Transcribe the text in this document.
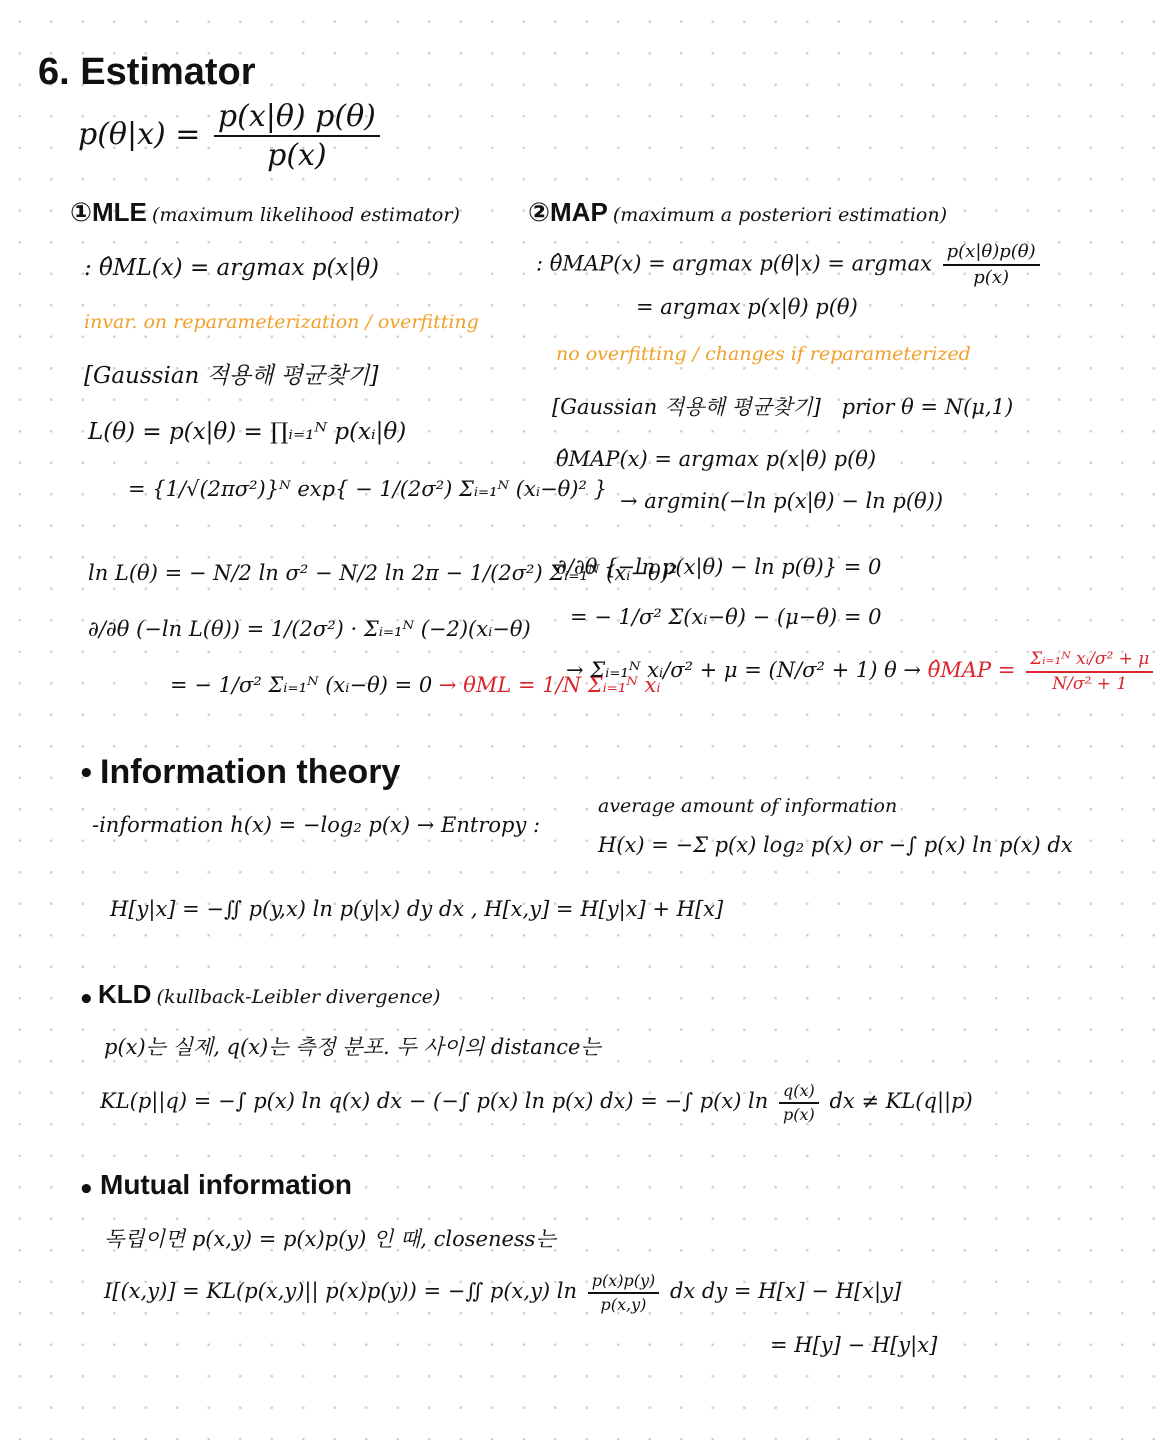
6. Estimator
$p(\theta|x) = \frac{p(x|\theta) p(\theta)}{p(x)}$
①MLE (maximum likelihood estimator)
: θ̂ML(x) = argmax p(x|θ)
invar. on reparameterization / overfitting
[Gaussian 적용해 평균찾기]
L(θ) = p(x|θ) = ∏ᵢ₌₁ᴺ p(xᵢ|θ)
= {1/√(2πσ²)}ᴺ exp{ − 1/(2σ²) Σᵢ₌₁ᴺ (xᵢ−θ)² }
ln L(θ) = − N/2 ln σ² − N/2 ln 2π − 1/(2σ²) Σᵢ₌₁ᴺ (xᵢ−θ)²
∂/∂θ (−ln L(θ)) = 1/(2σ²) · Σᵢ₌₁ᴺ (−2)(xᵢ−θ)
= − 1/σ² Σᵢ₌₁ᴺ (xᵢ−θ) = 0 → θML = 1/N Σᵢ₌₁ᴺ xᵢ
②MAP (maximum a posteriori estimation)
: θ̂MAP(x) = argmax p(θ|x) = argmax $\frac{p(x|\theta)p(\theta)}{p(x)}$
= argmax p(x|θ) p(θ)
no overfitting / changes if reparameterized
[Gaussian 적용해 평균찾기] prior θ = N(μ,1)
θ̂MAP(x) = argmax p(x|θ) p(θ)
→ argmin(−ln p(x|θ) − ln p(θ))
∂/∂θ {−ln p(x|θ) − ln p(θ)} = 0
= − 1/σ² Σ(xᵢ−θ) − (μ−θ) = 0
→ Σᵢ₌₁ᴺ xᵢ/σ² + μ = (N/σ² + 1) θ → θ̂MAP = $\frac{\text{Σᵢ₌₁ᴺ xᵢ/σ² + μ}}{\text{N/σ² + 1}}$
• Information theory
-information h(x) = −log₂ p(x) → Entropy :
average amount of information
H(x) = −Σ p(x) log₂ p(x) or −∫ p(x) ln p(x) dx
H[y|x] = −∬ p(y,x) ln p(y|x) dy dx , H[x,y] = H[y|x] + H[x]
• KLD (kullback-Leibler divergence)
p(x)는 실제, q(x)는 측정 분포. 두 사이의 distance는
KL(p||q) = −∫ p(x) ln q(x) dx − (−∫ p(x) ln p(x) dx) = −∫ p(x) $\ln \frac{q(x)}{p(x)}$ dx ≠ KL(q||p)
• Mutual information
독립이면 p(x,y) = p(x)p(y) 인 때, closeness는
I[(x,y)] = KL(p(x,y)|| p(x)p(y)) = −∬ p(x,y) $\ln \frac{p(x)p(y)}{p(x,y)}$ dx dy = H[x] − H[x|y]
= H[y] − H[y|x]
